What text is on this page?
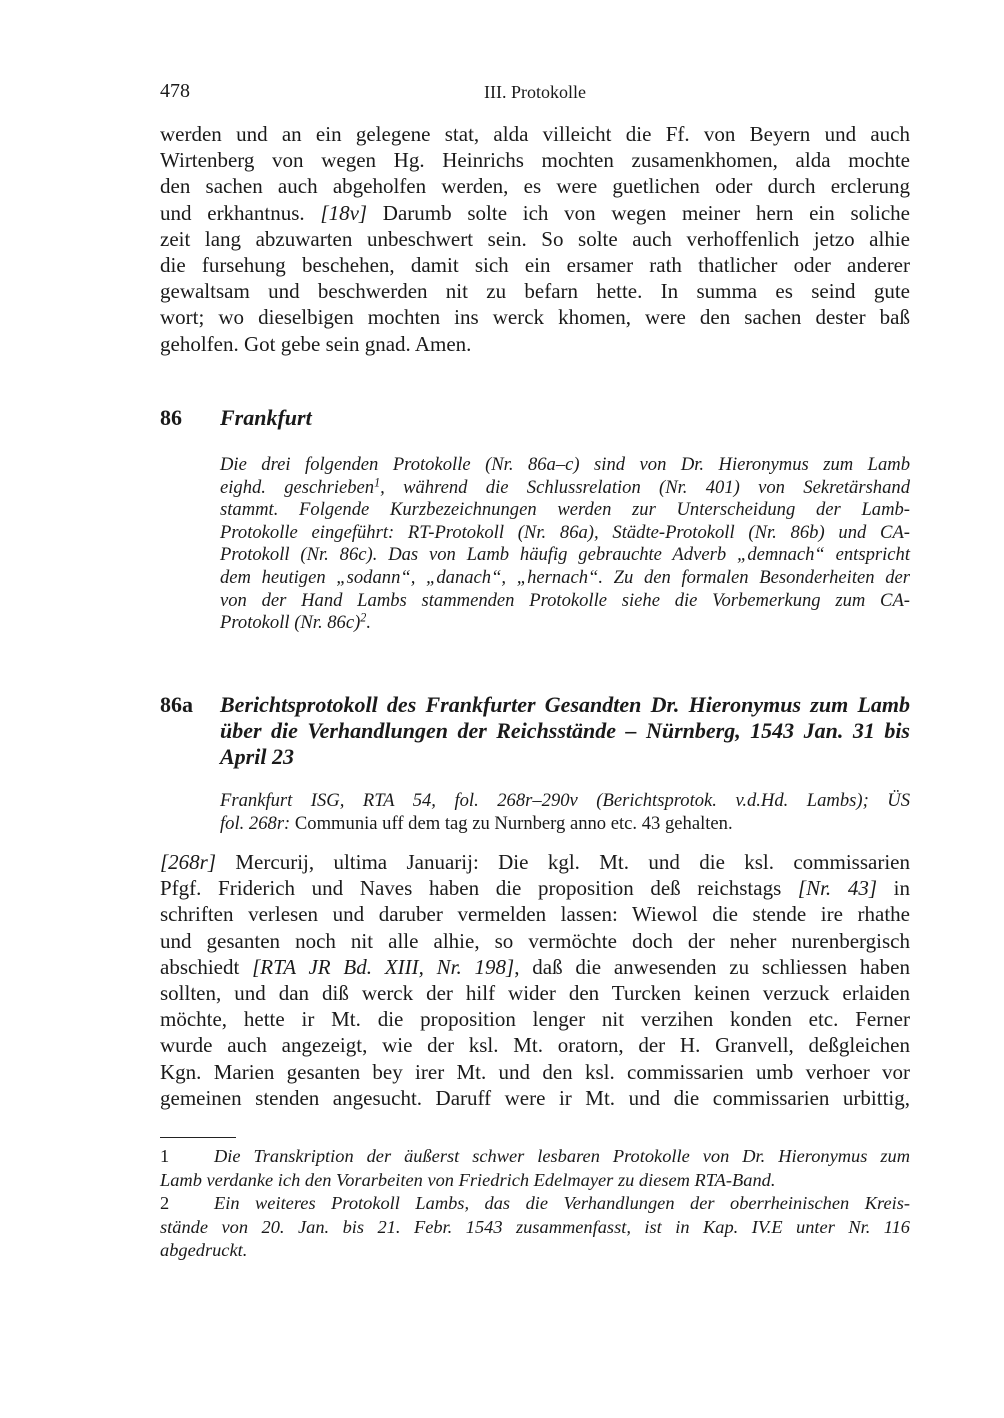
478	III. Protokolle
werden und an ein gelegene stat, alda villeicht die Ff. von Beyern und auch
Wirtenberg von wegen Hg. Heinrichs mochten zusamenkhomen, alda mochte
den sachen auch abgeholfen werden, es were guetlichen oder durch erclerung
und erkhantnus. [18v] Darumb solte ich von wegen meiner hern ein soliche
zeit lang abzuwarten unbeschwert sein. So solte auch verhoffenlich jetzo alhie
die fursehung beschehen, damit sich ein ersamer rath thatlicher oder anderer
gewaltsam und beschwerden nit zu befarn hette. In summa es seind gute
wort; wo dieselbigen mochten ins werck khomen, were den sachen dester baß
geholfen. Got gebe sein gnad. Amen.
86 Frankfurt
Die drei folgenden Protokolle (Nr. 86a–c) sind von Dr. Hieronymus zum Lamb
eighd. geschrieben$^1$, während die Schlussrelation (Nr. 401) von Sekretärshand
stammt. Folgende Kurzbezeichnungen werden zur Unterscheidung der Lamb-
Protokolle eingeführt: RT-Protokoll (Nr. 86a), Städte-Protokoll (Nr. 86b) und CA-
Protokoll (Nr. 86c). Das von Lamb häufig gebrauchte Adverb „demnach“ entspricht
dem heutigen „sodann“, „danach“, „hernach“. Zu den formalen Besonderheiten der
von der Hand Lambs stammenden Protokolle siehe die Vorbemerkung zum CA-
Protokoll (Nr. 86c)$^2$.
86a Berichtsprotokoll des Frankfurter Gesandten Dr. Hieronymus zum Lamb
über die Verhandlungen der Reichsstände – Nürnberg, 1543 Jan. 31 bis
April 23
Frankfurt ISG, RTA 54, fol. 268r–290v (Berichtsprotok. v.d.Hd. Lambs); ÜS
fol. 268r: Communia uff dem tag zu Nurnberg anno etc. 43 gehalten.
[268r] Mercurij, ultima Januarij: Die kgl. Mt. und die ksl. commissarien
Pfgf. Friderich und Naves haben die proposition deß reichstags [Nr. 43] in
schriften verlesen und daruber vermelden lassen: Wiewol die stende ire rhathe
und gesanten noch nit alle alhie, so vermöchte doch der neher nurenbergisch
abschiedt [RTA JR Bd. XIII, Nr. 198], daß die anwesenden zu schliessen haben
sollten, und dan diß werck der hilf wider den Turcken keinen verzuck erlaiden
möchte, hette ir Mt. die proposition lenger nit verzihen konden etc. Ferner
wurde auch angezeigt, wie der ksl. Mt. oratorn, der H. Granvell, deßgleichen
Kgn. Marien gesanten bey irer Mt. und den ksl. commissarien umb verhoer vor
gemeinen stenden angesucht. Daruff were ir Mt. und die commissarien urbittig,
1 Die Transkription der äußerst schwer lesbaren Protokolle von Dr. Hieronymus zum
Lamb verdanke ich den Vorarbeiten von Friedrich Edelmayer zu diesem RTA-Band.
2 Ein weiteres Protokoll Lambs, das die Verhandlungen der oberrheinischen Kreis-
stände von 20. Jan. bis 21. Febr. 1543 zusammenfasst, ist in Kap. IV.E unter Nr. 116
abgedruckt.
